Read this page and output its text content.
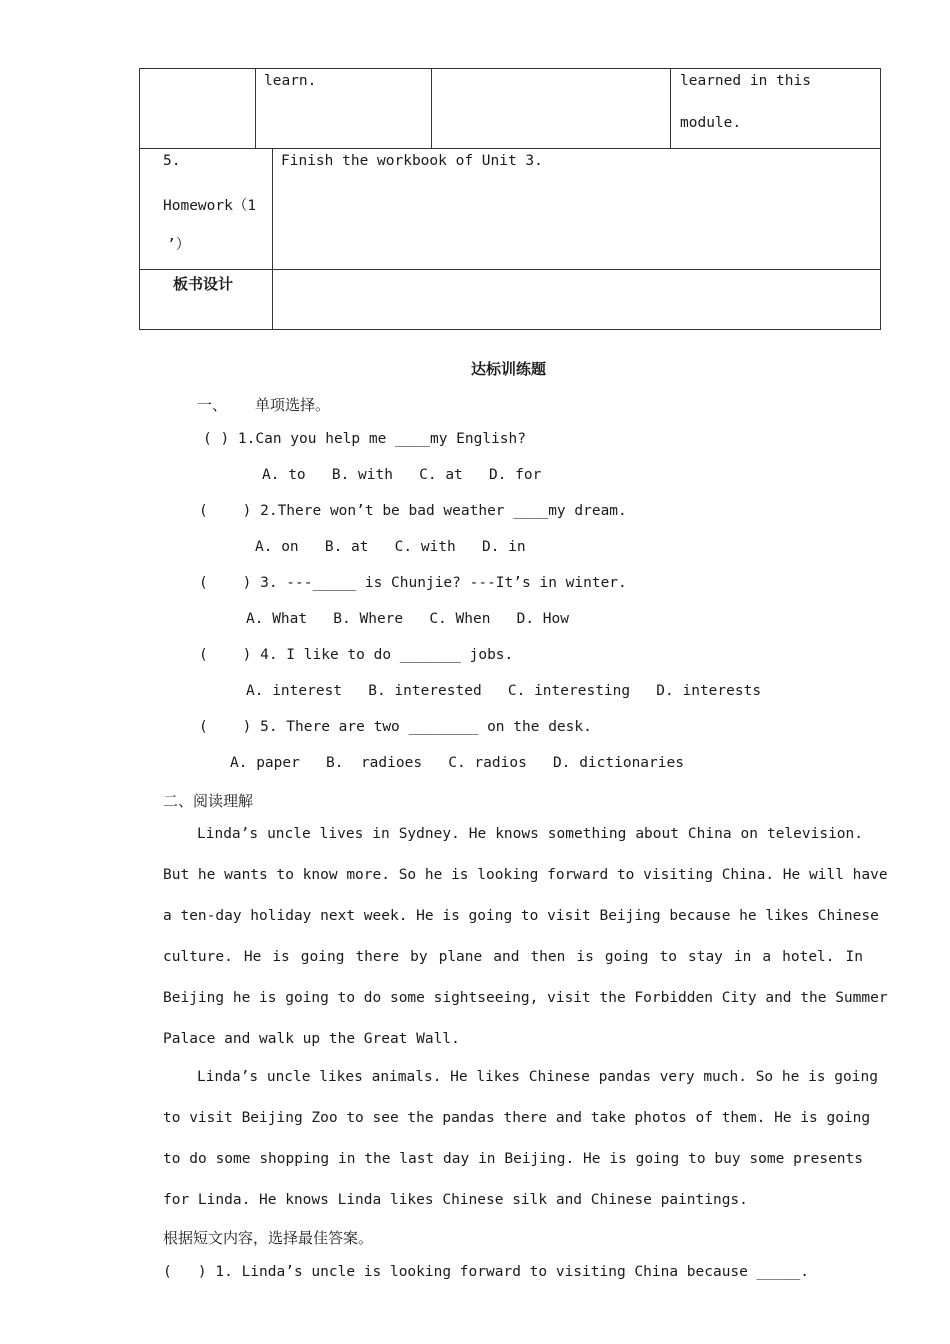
learn.	learned in this
module.
5.
Homework（1
’）
Finish the workbook of Unit 3.
板书设计
达标训练题
一、 单项选择。
( ) 1.Can you help me ____my English?
A. to   B. with   C. at   D. for
(    ) 2.There won’t be bad weather ____my dream.
A. on   B. at   C. with   D. in
(    ) 3. ---_____ is Chunjie? ---It’s in winter.
A. What   B. Where   C. When   D. How
(    ) 4. I like to do _______ jobs.
A. interest   B. interested   C. interesting   D. interests
(    ) 5. There are two ________ on the desk.
A. paper   B.  radioes   C. radios   D. dictionaries
二、阅读理解
Linda’s uncle lives in Sydney. He knows something about China on television.
But he wants to know more. So he is looking forward to visiting China. He will have
a ten-day holiday next week. He is going to visit Beijing because he likes Chinese
culture. He is going there by plane and then is going to stay in a hotel. In
Beijing he is going to do some sightseeing, visit the Forbidden City and the Summer
Palace and walk up the Great Wall.
Linda’s uncle likes animals. He likes Chinese pandas very much. So he is going
to visit Beijing Zoo to see the pandas there and take photos of them. He is going
to do some shopping in the last day in Beijing. He is going to buy some presents
for Linda. He knows Linda likes Chinese silk and Chinese paintings.
根据短文内容，选择最佳答案。
(   ) 1. Linda’s uncle is looking forward to visiting China because _____.
